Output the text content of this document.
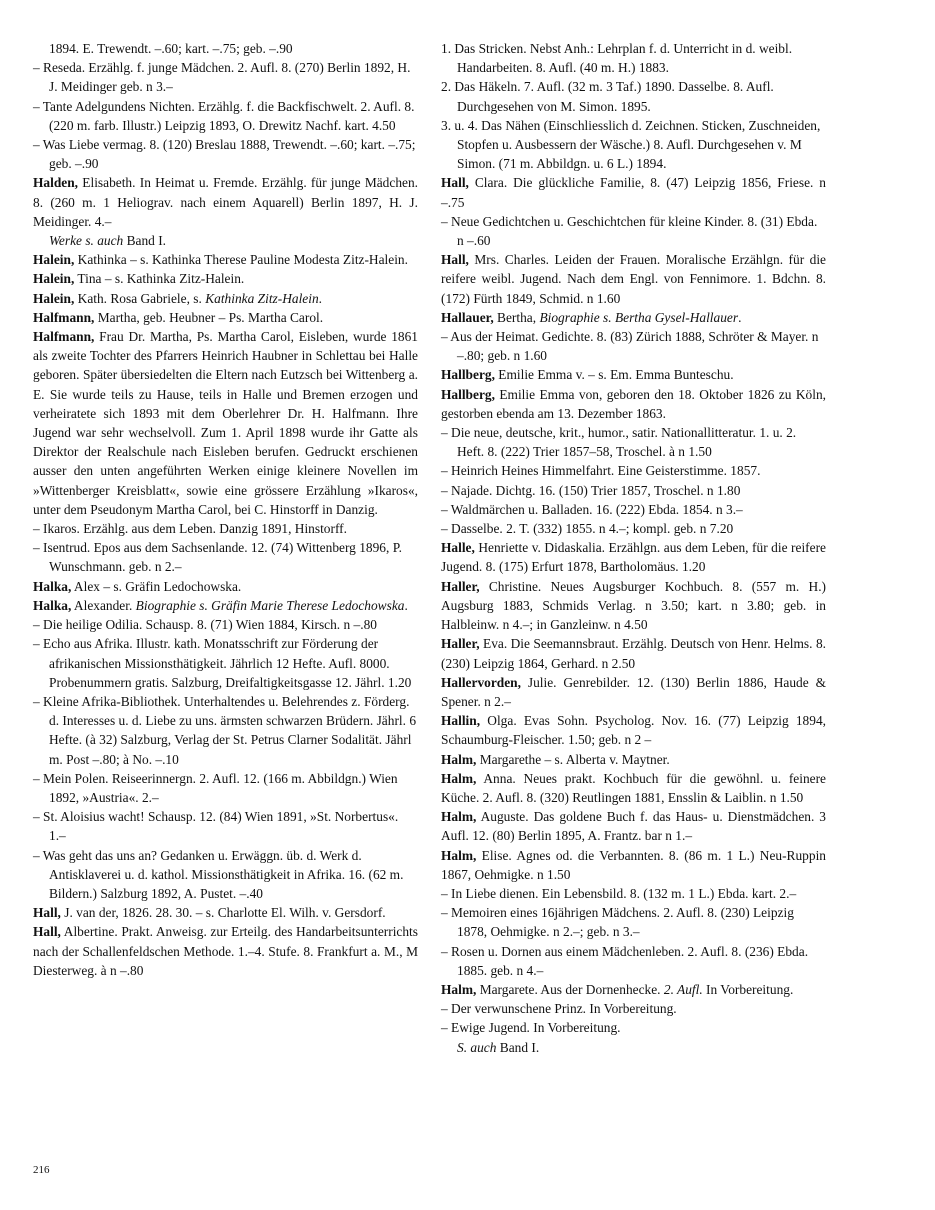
1894. E. Trewendt. –.60; kart. –.75; geb. –.90
– Reseda. Erzählg. f. junge Mädchen. 2. Aufl. 8. (270) Berlin 1892, H. J. Meidinger geb. n 3.–
– Tante Adelgundens Nichten. Erzählg. f. die Backfischwelt. 2. Aufl. 8. (220 m. farb. Illustr.) Leipzig 1893, O. Drewitz Nachf. kart. 4.50
– Was Liebe vermag. 8. (120) Breslau 1888, Trewendt. –.60; kart. –.75; geb. –.90
Halden, Elisabeth. In Heimat u. Fremde. Erzählg. für junge Mädchen. 8. (260 m. 1 Heliograv. nach einem Aquarell) Berlin 1897, H. J. Meidinger. 4.–
Werke s. auch Band I.
Halein, Kathinka – s. Kathinka Therese Pauline Modesta Zitz-Halein.
Halein, Tina – s. Kathinka Zitz-Halein.
Halein, Kath. Rosa Gabriele, s. Kathinka Zitz-Halein.
Halfmann, Martha, geb. Heubner – Ps. Martha Carol.
Halfmann, Frau Dr. Martha, Ps. Martha Carol, Eisleben, wurde 1861 als zweite Tochter des Pfarrers Heinrich Haubner in Schlettau bei Halle geboren. Später übersiedelten die Eltern nach Eutzsch bei Wittenberg a. E. Sie wurde teils zu Hause, teils in Halle und Bremen erzogen und verheiratete sich 1893 mit dem Oberlehrer Dr. H. Halfmann. Ihre Jugend war sehr wechselvoll. Zum 1. April 1898 wurde ihr Gatte als Direktor der Realschule nach Eisleben berufen. Gedruckt erschienen ausser den unten angeführten Werken einige kleinere Novellen im »Wittenberger Kreisblatt«, sowie eine grössere Erzählung »Ikaros«, unter dem Pseudonym Martha Carol, bei C. Hinstorff in Danzig.
– Ikaros. Erzählg. aus dem Leben. Danzig 1891, Hinstorff.
– Isentrud. Epos aus dem Sachsenlande. 12. (74) Wittenberg 1896, P. Wunschmann. geb. n 2.–
Halka, Alex – s. Gräfin Ledochowska.
Halka, Alexander. Biographie s. Gräfin Marie Therese Ledochowska.
– Die heilige Odilia. Schausp. 8. (71) Wien 1884, Kirsch. n –.80
– Echo aus Afrika. Illustr. kath. Monatsschrift zur Förderung der afrikanischen Missionsthätigkeit. Jährlich 12 Hefte. Aufl. 8000. Probenummern gratis. Salzburg, Dreifaltigkeitsgasse 12. Jährl. 1.20
– Kleine Afrika-Bibliothek. Unterhaltendes u. Belehrendes z. Förderg. d. Interesses u. d. Liebe zu uns. ärmsten schwarzen Brüdern. Jährl. 6 Hefte. (à 32) Salzburg, Verlag der St. Petrus Clarner Sodalität. Jährl m. Post –.80; à No. –.10
– Mein Polen. Reiseerinnergn. 2. Aufl. 12. (166 m. Abbildgn.) Wien 1892, »Austria«. 2.–
– St. Aloisius wacht! Schausp. 12. (84) Wien 1891, »St. Norbertus«. 1.–
– Was geht das uns an? Gedanken u. Erwäggn. üb. d. Werk d. Antisklaverei u. d. kathol. Missionsthätigkeit in Afrika. 16. (62 m. Bildern.) Salzburg 1892, A. Pustet. –.40
Hall, J. van der, 1826. 28. 30. – s. Charlotte El. Wilh. v. Gersdorf.
Hall, Albertine. Prakt. Anweisg. zur Erteilg. des Handarbeitsunterrichts nach der Schallenfeldschen Methode. 1.–4. Stufe. 8. Frankfurt a. M., M Diesterweg. à n –.80
1. Das Stricken. Nebst Anh.: Lehrplan f. d. Unterricht in d. weibl. Handarbeiten. 8. Aufl. (40 m. H.) 1883.
2. Das Häkeln. 7. Aufl. (32 m. 3 Taf.) 1890. Dasselbe. 8. Aufl. Durchgesehen von M. Simon. 1895.
3. u. 4. Das Nähen (Einschliesslich d. Zeichnen. Sticken, Zuschneiden, Stopfen u. Ausbessern der Wäsche.) 8. Aufl. Durchgesehen v. M Simon. (71 m. Abbildgn. u. 6 L.) 1894.
Hall, Clara. Die glückliche Familie, 8. (47) Leipzig 1856, Friese. n –.75
– Neue Gedichtchen u. Geschichtchen für kleine Kinder. 8. (31) Ebda. n –.60
Hall, Mrs. Charles. Leiden der Frauen. Moralische Erzählgn. für die reifere weibl. Jugend. Nach dem Engl. von Fennimore. 1. Bdchn. 8. (172) Fürth 1849, Schmid. n 1.60
Hallauer, Bertha, Biographie s. Bertha Gysel-Hallauer.
– Aus der Heimat. Gedichte. 8. (83) Zürich 1888, Schröter & Mayer. n –.80; geb. n 1.60
Hallberg, Emilie Emma v. – s. Em. Emma Bunteschu.
Hallberg, Emilie Emma von, geboren den 18. Oktober 1826 zu Köln, gestorben ebenda am 13. Dezember 1863.
– Die neue, deutsche, krit., humor., satir. Nationallitteratur. 1. u. 2. Heft. 8. (222) Trier 1857–58, Troschel. à n 1.50
– Heinrich Heines Himmelfahrt. Eine Geisterstimme. 1857.
– Najade. Dichtg. 16. (150) Trier 1857, Troschel. n 1.80
– Waldmärchen u. Balladen. 16. (222) Ebda. 1854. n 3.–
– Dasselbe. 2. T. (332) 1855. n 4.–; kompl. geb. n 7.20
Halle, Henriette v. Didaskalia. Erzählgn. aus dem Leben, für die reifere Jugend. 8. (175) Erfurt 1878, Bartholomäus. 1.20
Haller, Christine. Neues Augsburger Kochbuch. 8. (557 m. H.) Augsburg 1883, Schmids Verlag. n 3.50; kart. n 3.80; geb. in Halbleinw. n 4.–; in Ganzleinw. n 4.50
Haller, Eva. Die Seemannsbraut. Erzählg. Deutsch von Henr. Helms. 8. (230) Leipzig 1864, Gerhard. n 2.50
Hallervorden, Julie. Genrebilder. 12. (130) Berlin 1886, Haude & Spener. n 2.–
Hallin, Olga. Evas Sohn. Psycholog. Nov. 16. (77) Leipzig 1894, Schaumburg-Fleischer. 1.50; geb. n 2 –
Halm, Margarethe – s. Alberta v. Maytner.
Halm, Anna. Neues prakt. Kochbuch für die gewöhnl. u. feinere Küche. 2. Aufl. 8. (320) Reutlingen 1881, Ensslin & Laiblin. n 1.50
Halm, Auguste. Das goldene Buch f. das Haus- u. Dienstmädchen. 3 Aufl. 12. (80) Berlin 1895, A. Frantz. bar n 1.–
Halm, Elise. Agnes od. die Verbannten. 8. (86 m. 1 L.) Neu-Ruppin 1867, Oehmigke. n 1.50
– In Liebe dienen. Ein Lebensbild. 8. (132 m. 1 L.) Ebda. kart. 2.–
– Memoiren eines 16jährigen Mädchens. 2. Aufl. 8. (230) Leipzig 1878, Oehmigke. n 2.–; geb. n 3.–
– Rosen u. Dornen aus einem Mädchenleben. 2. Aufl. 8. (236) Ebda. 1885. geb. n 4.–
Halm, Margarete. Aus der Dornenhecke. 2. Aufl. In Vorbereitung.
– Der verwunschene Prinz. In Vorbereitung.
– Ewige Jugend. In Vorbereitung.
S. auch Band I.
216
